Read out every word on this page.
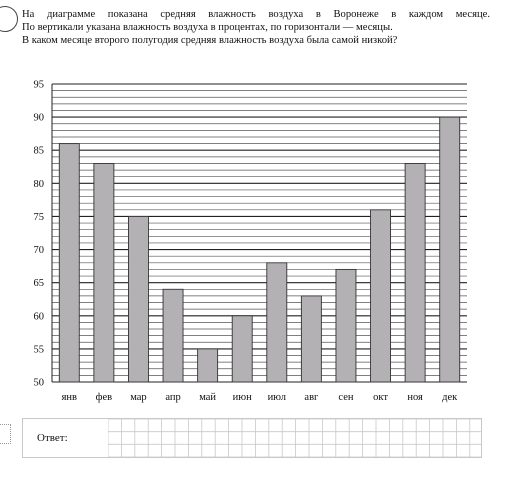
На диаграмме показана средняя влажность воздуха в Воронеже в каждом месяце.
По вертикали указана влажность воздуха в процентах, по горизонтали — месяцы.
В каком месяце второго полугодия средняя влажность воздуха была самой низкой?
50
55
60
65
70
75
80
85
90
95
янв фев мар апр май июн июл авг сен окт ноя дек
Ответ:
